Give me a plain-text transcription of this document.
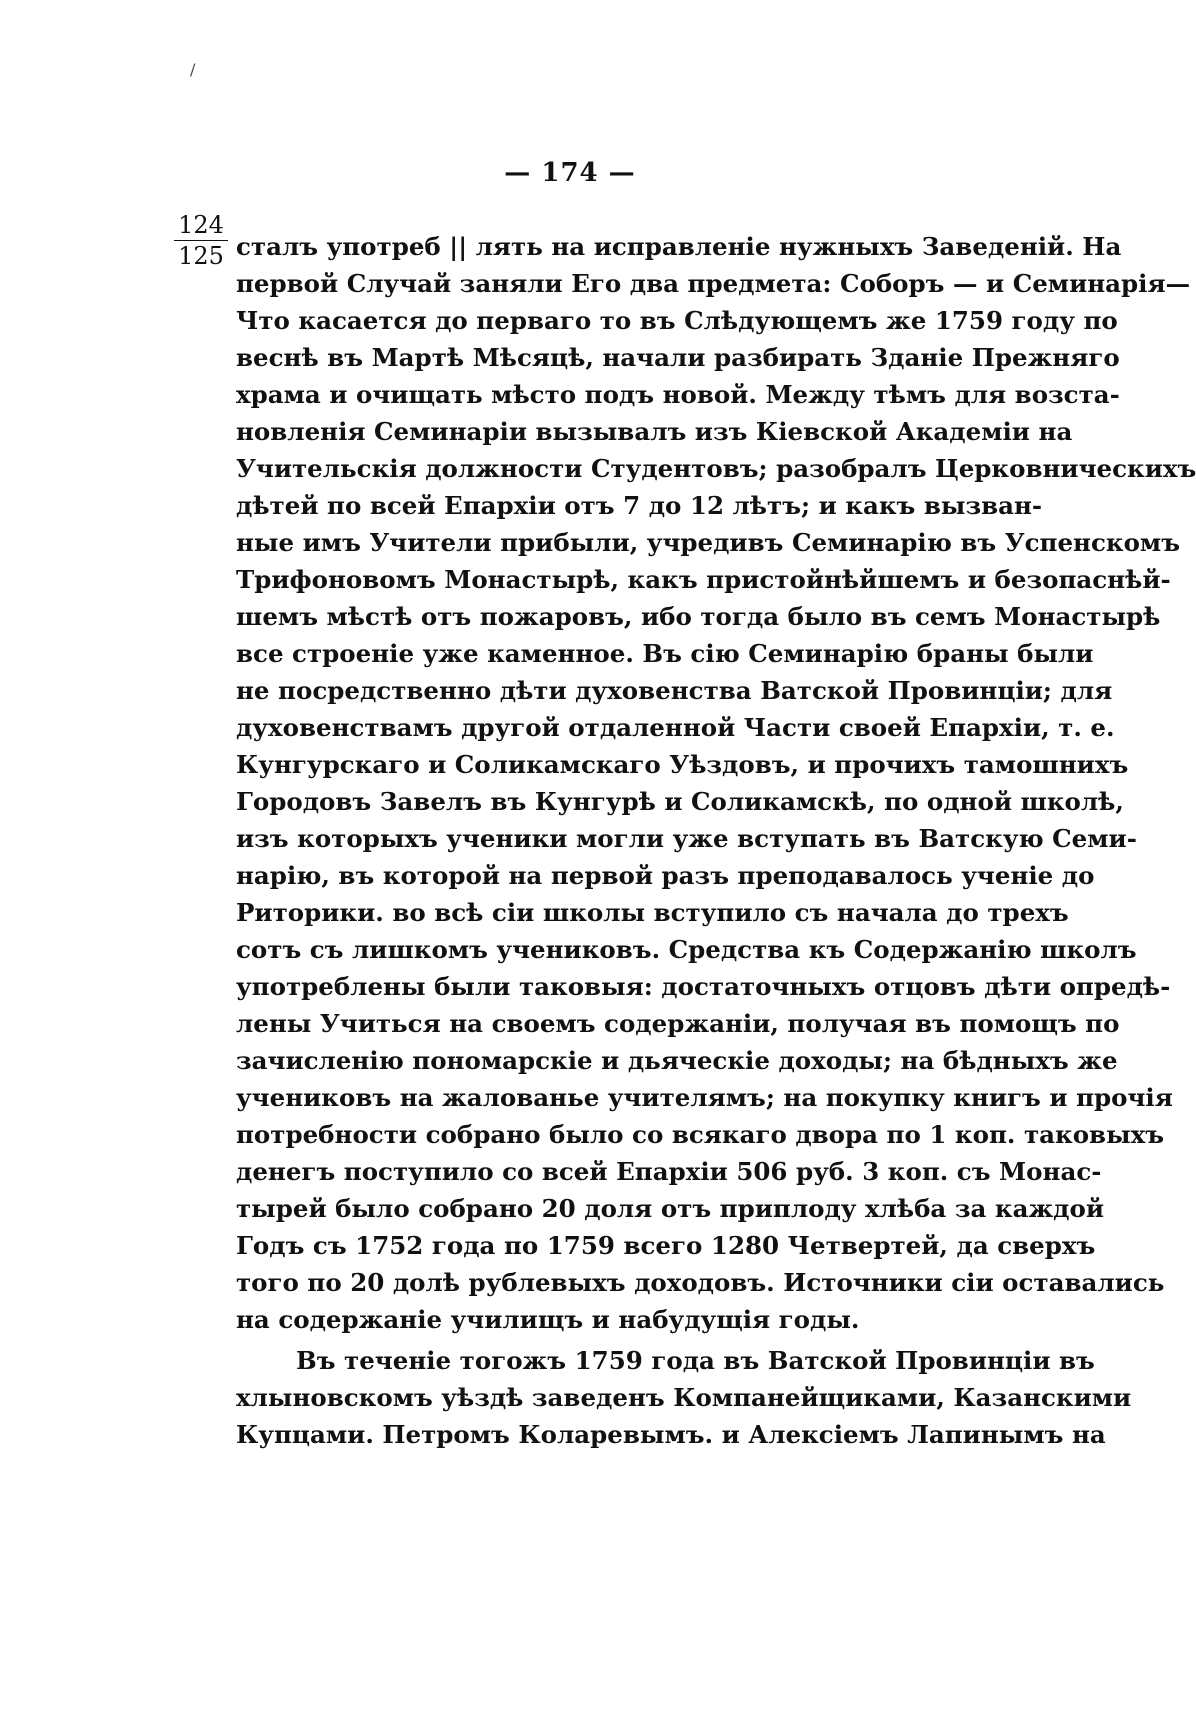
/
— 174 —
124
125 сталъ употреб || лять на исправленіе нужныхъ Заведеній. На
первой Случай заняли Его два предмета: Соборъ — и Семинарія—
Что касается до перваго то въ Слѣдующемъ же 1759 году по
веснѣ въ Мартѣ Мѣсяцѣ, начали разбирать Зданіе Прежняго
храма и очищать мѣсто подъ новой. Между тѣмъ для возста-
новленія Семинаріи вызывалъ изъ Кіевской Академіи на
Учительскія должности Студентовъ; разобралъ Церковническихъ
дѣтей по всей Епархіи отъ 7 до 12 лѣтъ; и какъ вызван-
ные имъ Учители прибыли, учредивъ Семинарію въ Успенскомъ
Трифоновомъ Монастырѣ, какъ пристойнѣйшемъ и безопаснѣй-
шемъ мѣстѣ отъ пожаровъ, ибо тогда было въ семъ Монастырѣ
все строеніе уже каменное. Въ сію Семинарію браны были
не посредственно дѣти духовенства Ватской Провинціи; для
духовенствамъ другой отдаленной Части своей Епархіи, т. е.
Кунгурскаго и Соликамскаго Уѣздовъ, и прочихъ тамошнихъ
Городовъ Завелъ въ Кунгурѣ и Соликамскѣ, по одной школѣ,
изъ которыхъ ученики могли уже вступать въ Ватскую Семи-
нарію, въ которой на первой разъ преподавалось ученіе до
Риторики. во всѣ сіи школы вступило съ начала до трехъ
сотъ съ лишкомъ учениковъ. Средства къ Содержанію школъ
употреблены были таковыя: достаточныхъ отцовъ дѣти опредѣ-
лены Учиться на своемъ содержаніи, получая въ помощъ по
зачисленію пономарскіе и дьяческіе доходы; на бѣдныхъ же
учениковъ на жалованье учителямъ; на покупку книгъ и прочія
потребности собрано было со всякаго двора по 1 коп. таковыхъ
денегъ поступило со всей Епархіи 506 руб. 3 коп. съ Монас-
тырей было собрано 20 доля отъ приплоду хлѣба за каждой
Годъ съ 1752 года по 1759 всего 1280 Четвертей, да сверхъ
того по 20 долѣ рублевыхъ доходовъ. Источники сіи оставались
на содержаніе училищъ и набудущія годы.
Въ теченіе тогожъ 1759 года въ Ватской Провинціи въ
хлыновскомъ уѣздѣ заведенъ Компанейщиками, Казанскими
Купцами. Петромъ Коларевымъ. и Алексіемъ Лапинымъ на
